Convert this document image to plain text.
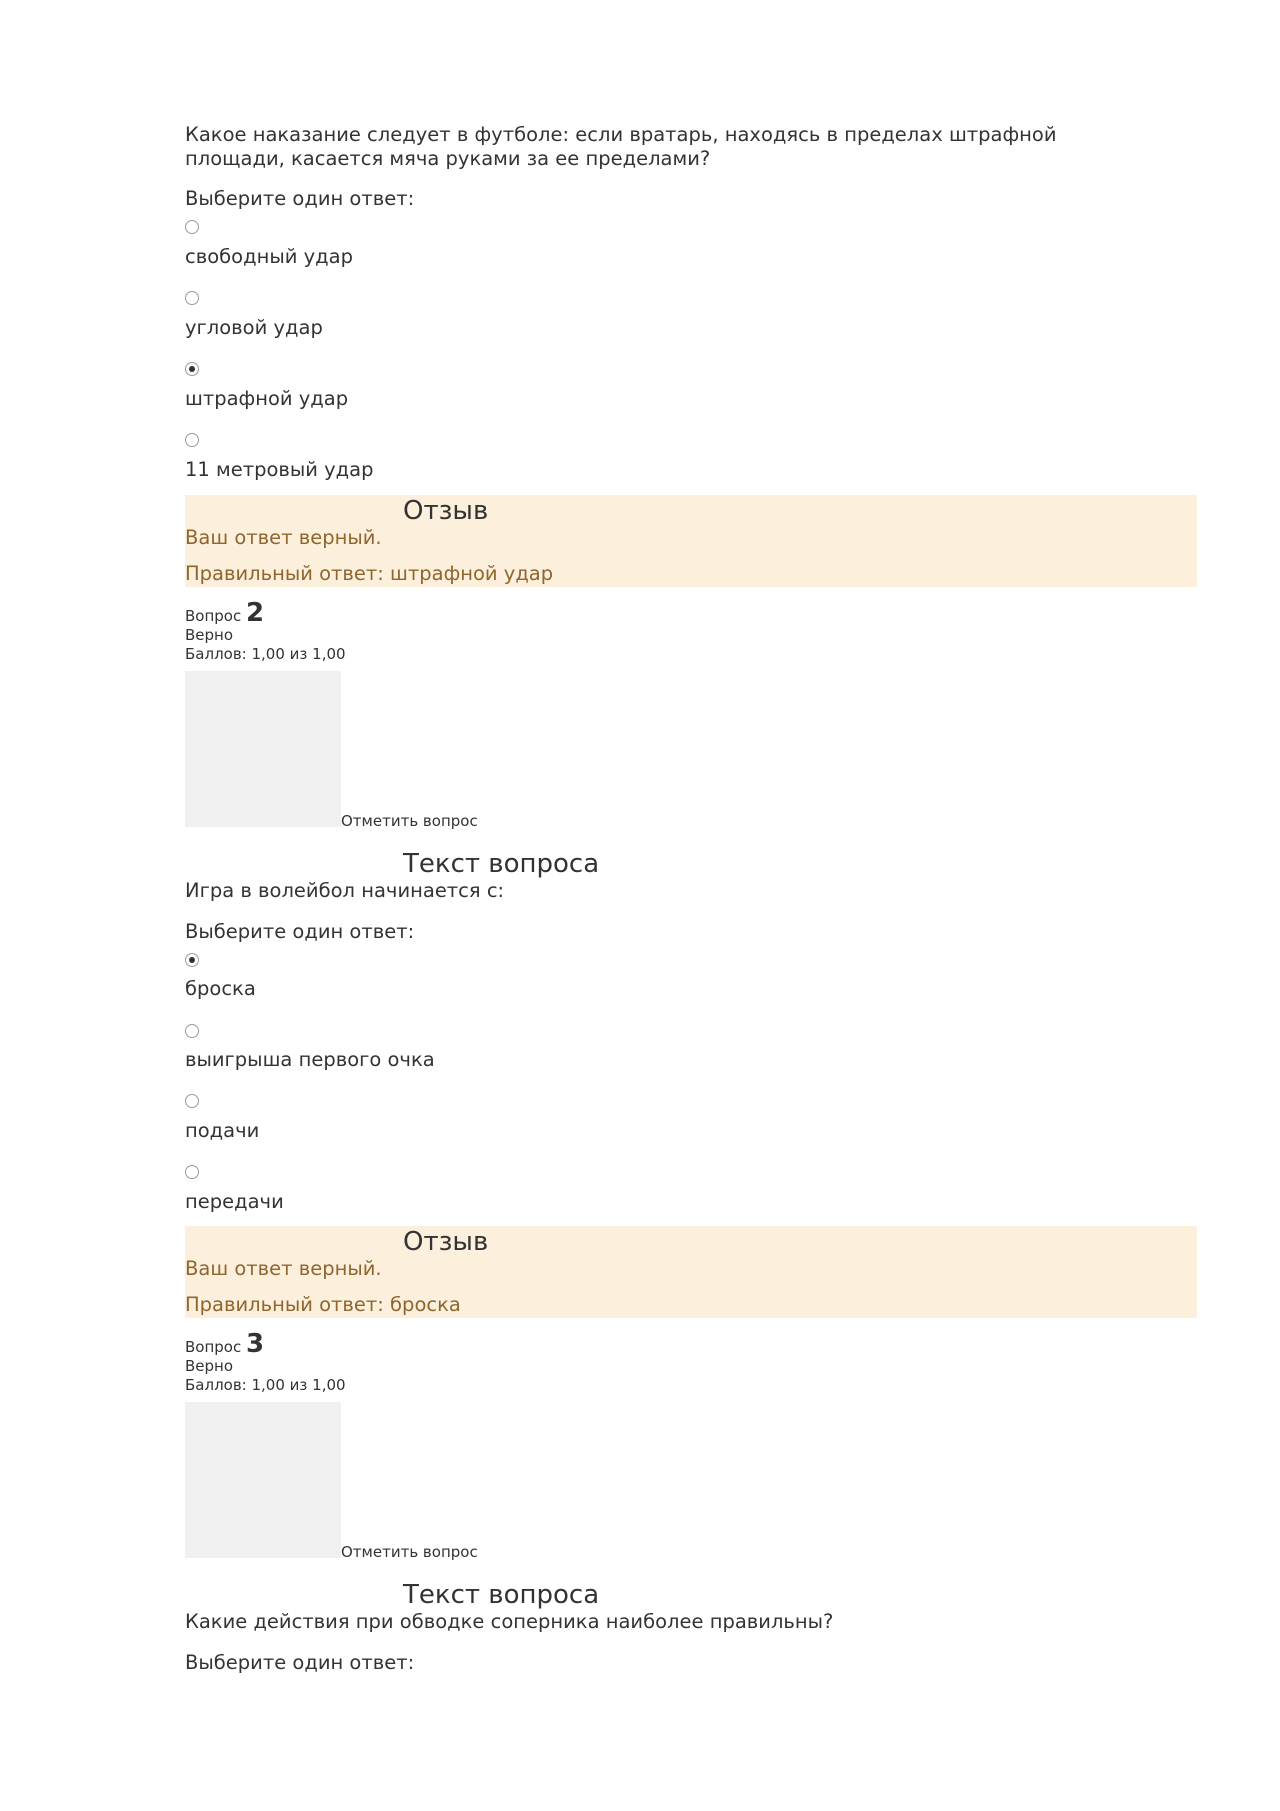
Какое наказание следует в футболе: если вратарь, находясь в пределах штрафной
площади, касается мяча руками за ее пределами?
Выберите один ответ:
свободный удар
угловой удар
штрафной удар
11 метровый удар
Отзыв
Ваш ответ верный.
Правильный ответ: штрафной удар
Вопрос 2
Верно
Баллов: 1,00 из 1,00
Отметить вопрос
Текст вопроса
Игра в волейбол начинается с:
Выберите один ответ:
броска
выигрыша первого очка
подачи
передачи
Отзыв
Ваш ответ верный.
Правильный ответ: броска
Вопрос 3
Верно
Баллов: 1,00 из 1,00
Отметить вопрос
Текст вопроса
Какие действия при обводке соперника наиболее правильны?
Выберите один ответ:
